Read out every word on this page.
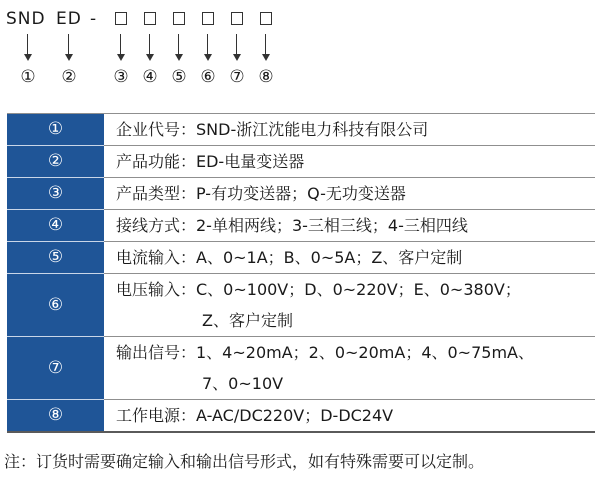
SND ED -
① ② ③ ④ ⑤ ⑥ ⑦ ⑧
①	企业代号：SND-浙江沈能电力科技有限公司

②	产品功能：ED-电量变送器

③	产品类型：P-有功变送器；Q-无功变送器

④	接线方式：2-单相两线；3-三相三线；4-三相四线

⑤	电流输入：A、0~1A；B、0~5A；Z、客户定制

⑥	电压输入：C、0~100V；D、0~220V；E、0~380V；
Z、客户定制

⑦	输出信号：1、4~20mA；2、0~20mA；4、0~75mA、
7、0~10V

⑧	工作电源：A-AC/DC220V；D-DC24V
注：订货时需要确定输入和输出信号形式，如有特殊需要可以定制。
